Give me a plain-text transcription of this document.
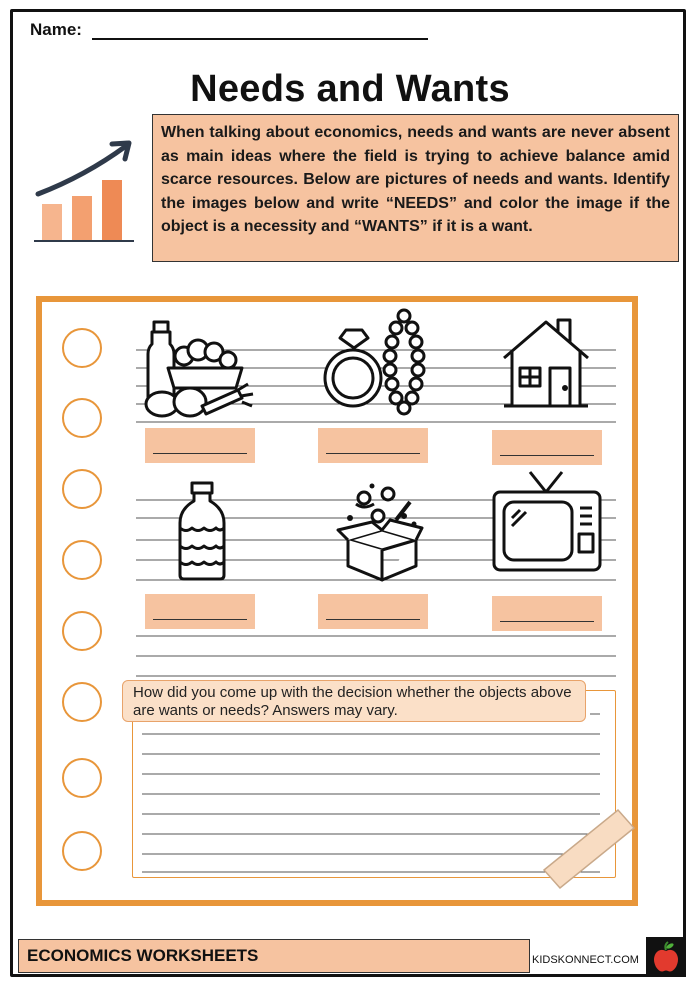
Name:
Needs and Wants
When talking about economics, needs and wants are never absent as main ideas where the field is trying to achieve balance amid scarce resources. Below are pictures of needs and wants. Identify the images below and write “NEEDS” and color the image if the object is a necessity and “WANTS” if it is a want.
How did you come up with the decision whether the objects above are wants or needs? Answers may vary.
ECONOMICS WORKSHEETS	KIDSKONNECT.COM
